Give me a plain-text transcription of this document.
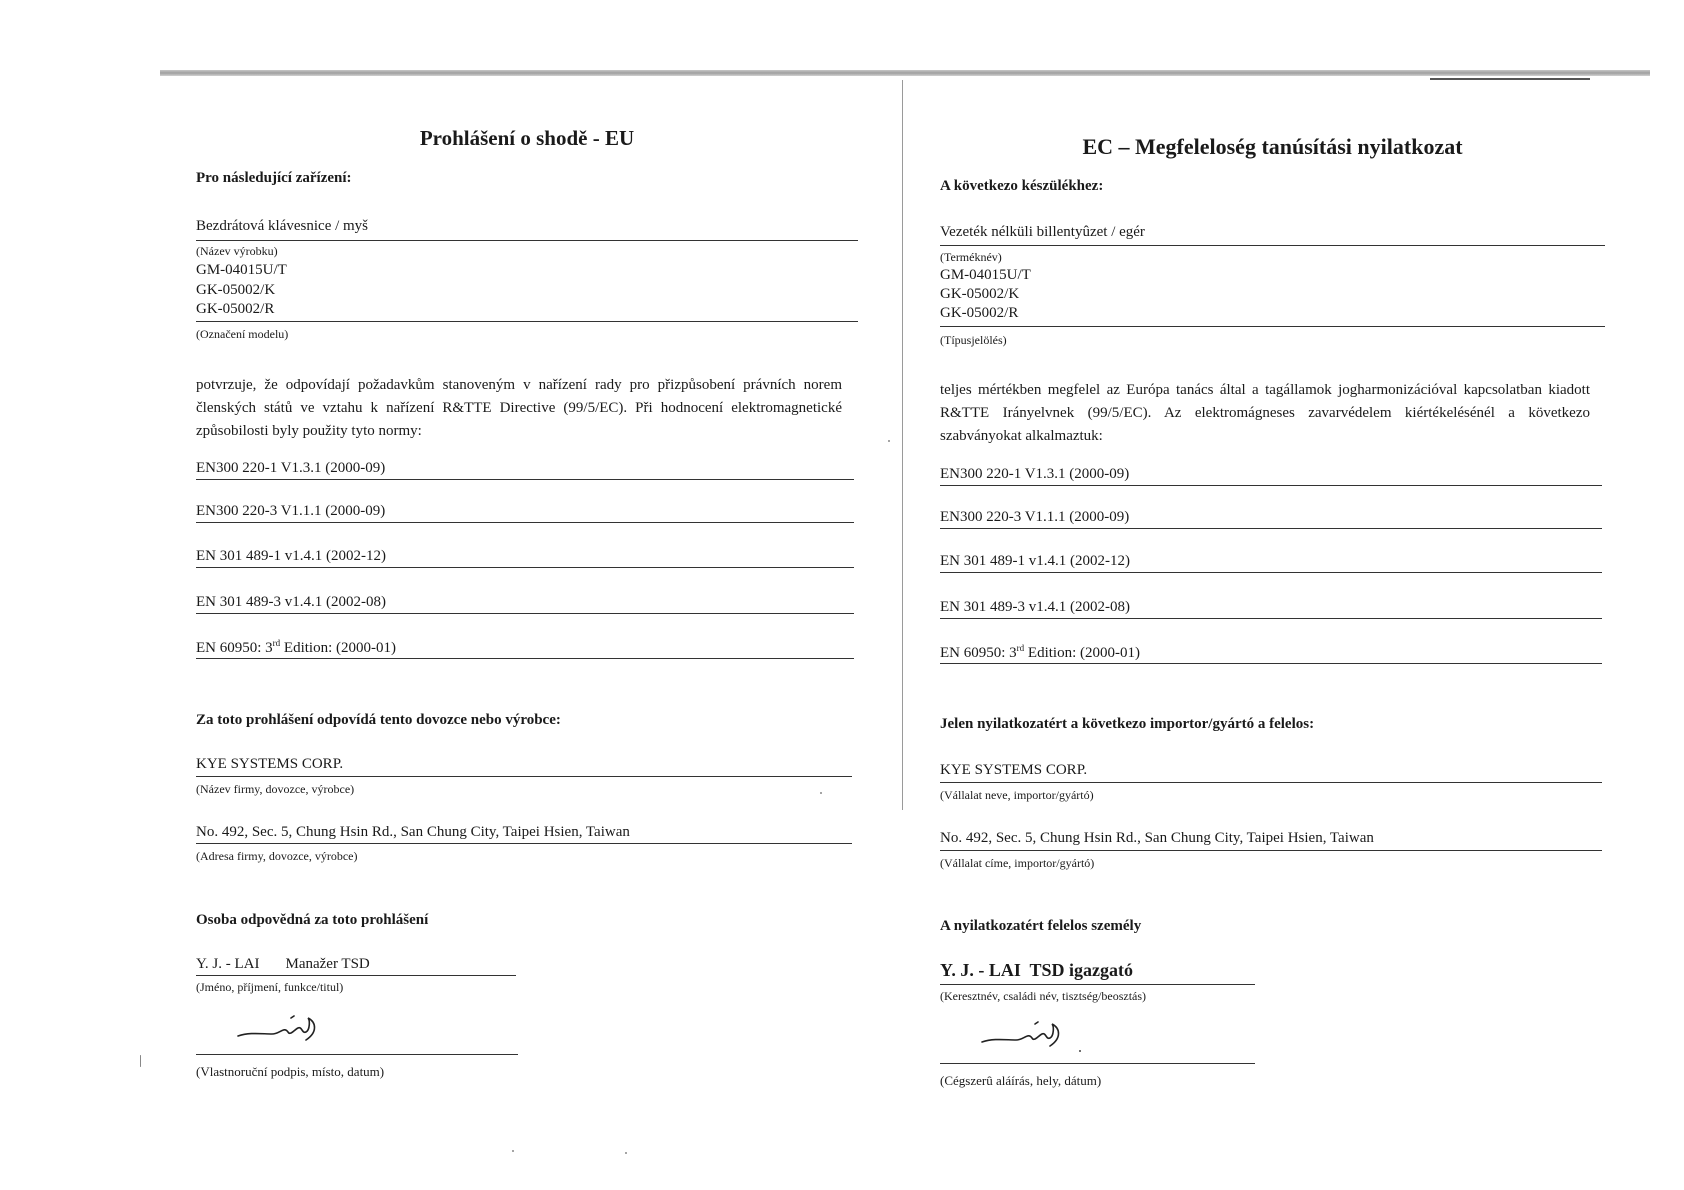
Prohlášení o shodě - EU
Pro následující zařízení:
Bezdrátová klávesnice / myš
(Název výrobku)
GM-04015U/T
GK-05002/K
GK-05002/R
(Označení modelu)
potvrzuje, že odpovídají požadavkům stanoveným v nařízení rady pro přizpůsobení právních norem členských států ve vztahu k nařízení R&TTE Directive (99/5/EC). Při hodnocení elektromagnetické způsobilosti byly použity tyto normy:
EN300 220-1 V1.3.1 (2000-09)
EN300 220-3 V1.1.1 (2000-09)
EN 301 489-1 v1.4.1 (2002-12)
EN 301 489-3 v1.4.1 (2002-08)
EN 60950: 3rd Edition: (2000-01)
Za toto prohlášení odpovídá tento dovozce nebo výrobce:
KYE SYSTEMS CORP.
(Název firmy, dovozce, výrobce)
No. 492, Sec. 5, Chung Hsin Rd., San Chung City, Taipei Hsien, Taiwan
(Adresa firmy, dovozce, výrobce)
Osoba odpovědná za toto prohlášení
Y. J. - LAI Manažer TSD
(Jméno, příjmení, funkce/titul)
(Vlastnoruční podpis, místo, datum)
EC – Megfeleloség tanúsítási nyilatkozat
A következo készülékhez:
Vezeték nélküli billentyûzet / egér
(Terméknév)
GM-04015U/T
GK-05002/K
GK-05002/R
(Típusjelölés)
teljes mértékben megfelel az Európa tanács által a tagállamok jogharmonizációval kapcsolatban kiadott R&TTE Irányelvnek (99/5/EC). Az elektromágneses zavarvédelem kiértékelésénél a következo szabványokat alkalmaztuk:
EN300 220-1 V1.3.1 (2000-09)
EN300 220-3 V1.1.1 (2000-09)
EN 301 489-1 v1.4.1 (2002-12)
EN 301 489-3 v1.4.1 (2002-08)
EN 60950: 3rd Edition: (2000-01)
Jelen nyilatkozatért a következo importor/gyártó a felelos:
KYE SYSTEMS CORP.
(Vállalat neve, importor/gyártó)
No. 492, Sec. 5, Chung Hsin Rd., San Chung City, Taipei Hsien, Taiwan
(Vállalat címe, importor/gyártó)
A nyilatkozatért felelos személy
Y. J. - LAI  TSD igazgató
(Keresztnév, családi név, tisztség/beosztás)
(Cégszerû aláírás, hely, dátum)
